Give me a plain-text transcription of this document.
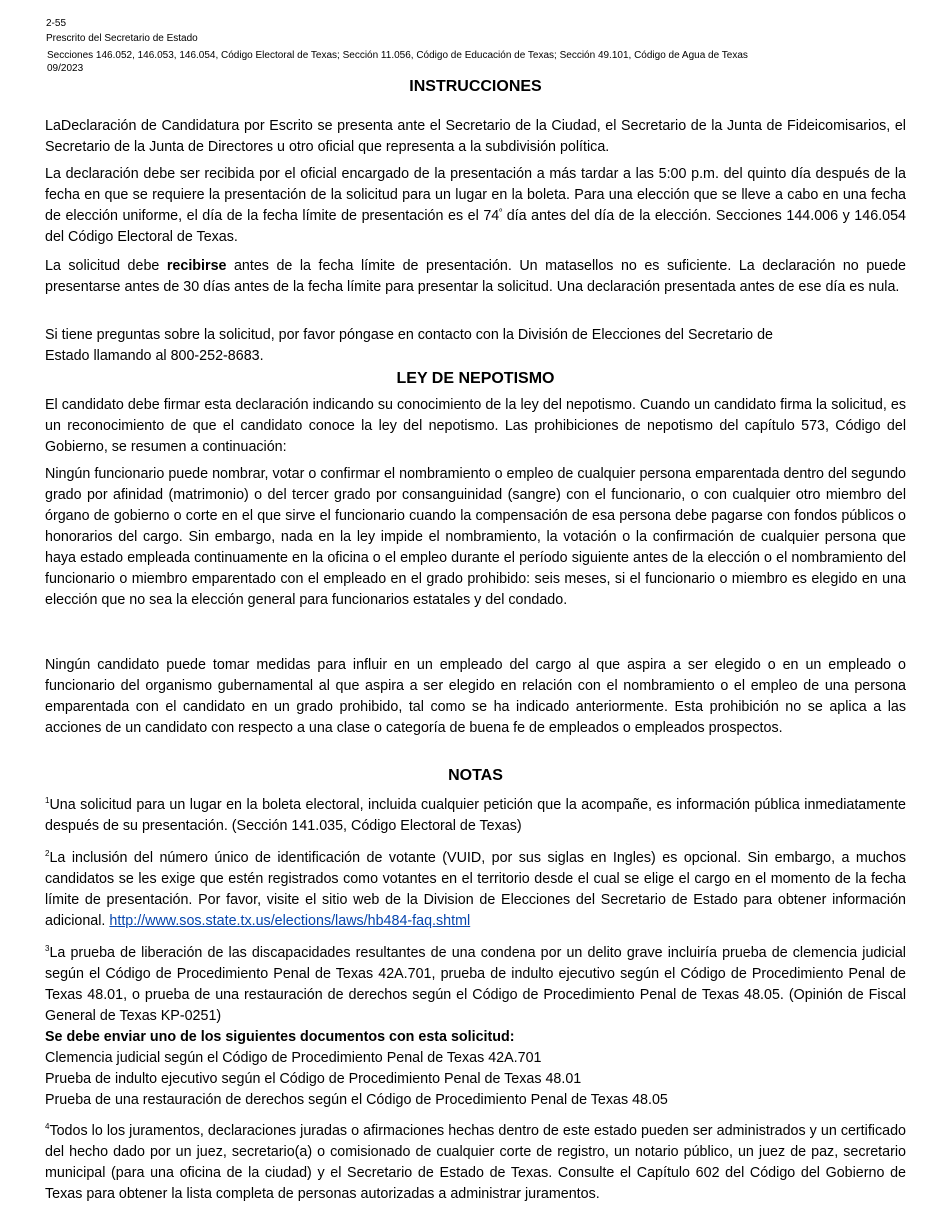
2-55
Prescrito del Secretario de Estado
Secciones 146.052, 146.053, 146.054, Código Electoral de Texas; Sección 11.056, Código de Educación de Texas; Sección 49.101, Código de Agua de Texas
09/2023
INSTRUCCIONES
LaDeclaración de Candidatura por Escrito se presenta ante el Secretario de la Ciudad, el Secretario de la Junta de Fideicomisarios, el Secretario de la Junta de Directores u otro oficial que representa a la subdivisión política.
La declaración debe ser recibida por el oficial encargado de la presentación a más tardar a las 5:00 p.m. del quinto día después de la fecha en que se requiere la presentación de la solicitud para un lugar en la boleta. Para una elección que se lleve a cabo en una fecha de elección uniforme, el día de la fecha límite de presentación es el $74^º$ día antes del día de la elección. Secciones 144.006 y 146.054 del Código Electoral de Texas.
La solicitud debe recibirse antes de la fecha límite de presentación. Un matasellos no es suficiente. La declaración no puede presentarse antes de 30 días antes de la fecha límite para presentar la solicitud. Una declaración presentada antes de ese día es nula.
Si tiene preguntas sobre la solicitud, por favor póngase en contacto con la División de Elecciones del Secretario de
Estado llamando al 800-252-8683.
LEY DE NEPOTISMO
El candidato debe firmar esta declaración indicando su conocimiento de la ley del nepotismo. Cuando un candidato firma la solicitud, es un reconocimiento de que el candidato conoce la ley del nepotismo. Las prohibiciones de nepotismo del capítulo 573, Código del Gobierno, se resumen a continuación:
Ningún funcionario puede nombrar, votar o confirmar el nombramiento o empleo de cualquier persona emparentada dentro del segundo grado por afinidad (matrimonio) o del tercer grado por consanguinidad (sangre) con el funcionario, o con cualquier otro miembro del órgano de gobierno o corte en el que sirve el funcionario cuando la compensación de esa persona debe pagarse con fondos públicos o honorarios del cargo. Sin embargo, nada en la ley impide el nombramiento, la votación o la confirmación de cualquier persona que haya estado empleada continuamente en la oficina o el empleo durante el período siguiente antes de la elección o el nombramiento del funcionario o miembro emparentado con el empleado en el grado prohibido: seis meses, si el funcionario o miembro es elegido en una elección que no sea la elección general para funcionarios estatales y del condado.
Ningún candidato puede tomar medidas para influir en un empleado del cargo al que aspira a ser elegido o en un empleado o funcionario del organismo gubernamental al que aspira a ser elegido en relación con el nombramiento o el empleo de una persona emparentada con el candidato en un grado prohibido, tal como se ha indicado anteriormente. Esta prohibición no se aplica a las acciones de un candidato con respecto a una clase o categoría de buena fe de empleados o empleados prospectos.
NOTAS
$^1$Una solicitud para un lugar en la boleta electoral, incluida cualquier petición que la acompañe, es información pública inmediatamente después de su presentación. (Sección 141.035, Código Electoral de Texas)
$^2$La inclusión del número único de identificación de votante (VUID, por sus siglas en Ingles) es opcional. Sin embargo, a muchos candidatos se les exige que estén registrados como votantes en el territorio desde el cual se elige el cargo en el momento de la fecha límite de presentación. Por favor, visite el sitio web de la Division de Elecciones del Secretario de Estado para obtener información adicional. http://www.sos.state.tx.us/elections/laws/hb484-faq.shtml
$^3$La prueba de liberación de las discapacidades resultantes de una condena por un delito grave incluiría prueba de clemencia judicial según el Código de Procedimiento Penal de Texas 42A.701, prueba de indulto ejecutivo según el Código de Procedimiento Penal de Texas 48.01, o prueba de una restauración de derechos según el Código de Procedimiento Penal de Texas 48.05. (Opinión de Fiscal General de Texas KP-0251)
Se debe enviar uno de los siguientes documentos con esta solicitud:
Clemencia judicial según el Código de Procedimiento Penal de Texas 42A.701
Prueba de indulto ejecutivo según el Código de Procedimiento Penal de Texas 48.01
Prueba de una restauración de derechos según el Código de Procedimiento Penal de Texas 48.05
$^4$Todos lo los juramentos, declaraciones juradas o afirmaciones hechas dentro de este estado pueden ser administrados y un certificado del hecho dado por un juez, secretario(a) o comisionado de cualquier corte de registro, un notario público, un juez de paz, secretario municipal (para una oficina de la ciudad) y el Secretario de Estado de Texas. Consulte el Capítulo 602 del Código del Gobierno de Texas para obtener la lista completa de personas autorizadas a administrar juramentos.
